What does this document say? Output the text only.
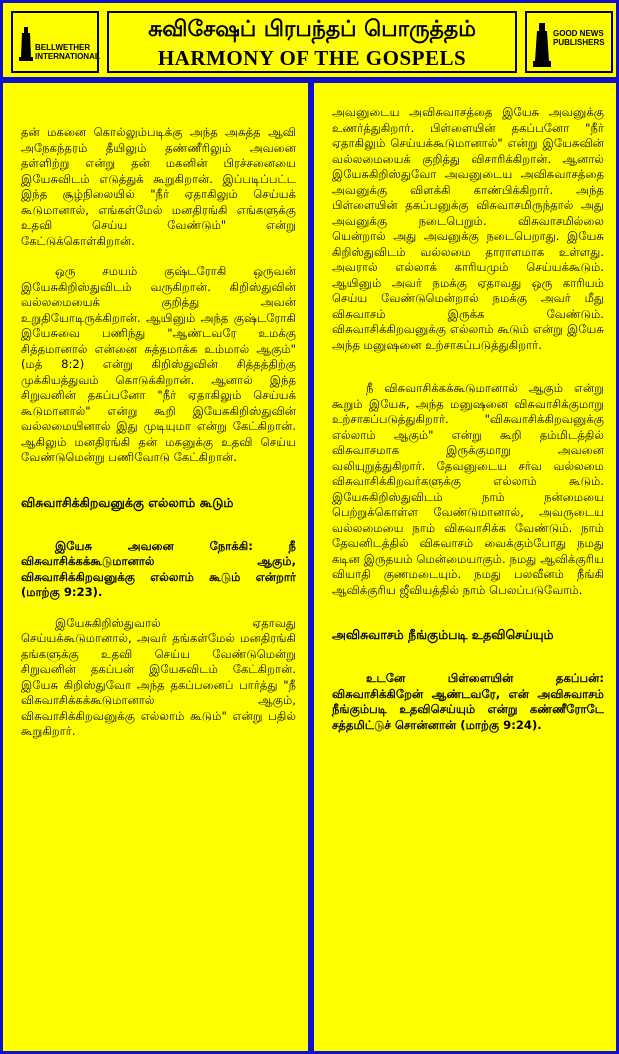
BELLWETHER
INTERNATIONAL
சுவிசேஷப் பிரபந்தப் பொருத்தம்
HARMONY OF THE GOSPELS
GOOD NEWS
PUBLISHERS

தன் மகனை கொல்லும்படிக்கு அந்த அசுத்த ஆவி அநேகந்தரம் தீயிலும் தண்ணீரிலும் அவனை தள்ளிற்று என்று தன் மகனின் பிரச்சனையை இயேசுவிடம் எடுத்துக் கூறுகிறான். இப்படிப்பட்ட இந்த சூழ்நிலையில் "நீர் ஏதாகிலும் செய்யக் கூடுமானால், எங்கள்மேல் மனதிரங்கி எங்களுக்கு உதவி செய்ய வேண்டும்" என்று கேட்டுக்கொள்கிறான்.

ஒரு சமயம் குஷ்டரோகி ஒருவன் இயேசுகிறிஸ்துவிடம் வருகிறான். கிறிஸ்துவின் வல்லமையைக் குறித்து அவன் உறுதியோடிருக்கிறான். ஆயினும் அந்த குஷ்டரோகி இயேசுவை பணிந்து "ஆண்டவரே உமக்கு சித்தமானால் என்னை சுத்தமாக்க உம்மால் ஆகும்" (மத் 8:2) என்று கிறிஸ்துவின் சித்தத்திற்கு முக்கியத்துவம் கொடுக்கிறான். ஆனால் இந்த சிறுவனின் தகப்பனோ "நீர் ஏதாகிலும் செய்யக் கூடுமானால்" என்று கூறி இயேசுகிறிஸ்துவின் வல்லமையினால் இது முடியுமா என்று கேட்கிறான். ஆகிலும் மனதிரங்கி தன் மகனுக்கு உதவி செய்ய வேண்டுமென்று பணிவோடு கேட்கிறான்.

விசுவாசிக்கிறவனுக்கு எல்லாம் கூடும்

இயேசு அவனை நோக்கி: நீ விசுவாசிக்கக்கூடுமானால் ஆகும், விசுவாசிக்கிறவனுக்கு எல்லாம் கூடும் என்றார் (மாற்கு 9:23).

இயேசுகிறிஸ்துவால் ஏதாவது செய்யக்கூடுமானால், அவர் தங்கள்மேல் மனதிரங்கி தங்களுக்கு உதவி செய்ய வேண்டுமென்று சிறுவனின் தகப்பன் இயேசுவிடம் கேட்கிறான். இயேசு கிறிஸ்துவோ அந்த தகப்பனைப் பார்த்து "நீ விசுவாசிக்கக்கூடுமானால் ஆகும், விசுவாசிக்கிறவனுக்கு எல்லாம் கூடும்" என்று பதில் கூறுகிறார்.

அவனுடைய அவிசுவாசத்தை இயேசு அவனுக்கு உணர்த்துகிறார். பிள்ளையின் தகப்பனோ "நீர் ஏதாகிலும் செய்யக்கூடுமானால்" என்று இயேசுவின் வல்லமையைக் குறித்து விசாரிக்கிறான். ஆனால் இயேசுகிறிஸ்துவோ அவனுடைய அவிசுவாசத்தை அவனுக்கு விளக்கி காண்பிக்கிறார். அந்த பிள்ளையின் தகப்பனுக்கு விசுவாசமிருந்தால் அது அவனுக்கு நடைபெறும். விசுவாசமில்லை யென்றால் அது அவனுக்கு நடைபெறாது. இயேசு கிறிஸ்துவிடம் வல்லமை தாராளமாக உள்ளது. அவரால் எல்லாக் காரியமும் செய்யக்கூடும். ஆயினும் அவர் நமக்கு ஏதாவது ஒரு காரியம் செய்ய வேண்டுமென்றால் நமக்கு அவர் மீது விசுவாசம் இருக்க வேண்டும். விசுவாசிக்கிறவனுக்கு எல்லாம் கூடும் என்று இயேசு அந்த மனுஷனை உற்சாகப்படுத்துகிறார்.

நீ விசுவாசிக்கக்கூடுமானால் ஆகும் என்று கூறும் இயேசு, அந்த மனுஷனை விசுவாசிக்குமாறு உற்சாகப்படுத்துகிறார். "விசுவாசிக்கிறவனுக்கு எல்லாம் ஆகும்" என்று கூறி தம்மிடத்தில் விசுவாசமாக இருக்குமாறு அவனை வலியுறுத்துகிறார். தேவனுடைய சர்வ வல்லமை விசுவாசிக்கிறவர்களுக்கு எல்லாம் கூடும். இயேசுகிறிஸ்துவிடம் நாம் நன்மையை பெற்றுக்கொள்ள வேண்டுமானால், அவருடைய வல்லமையை நாம் விசுவாசிக்க வேண்டும். நாம் தேவனிடத்தில் விசுவாசம் வைக்கும்போது நமது கடின இருதயம் மென்மையாகும். நமது ஆவிக்குரிய வியாதி குணமடையும். நமது பலவீனம் நீங்கி ஆவிக்குரிய ஜீவியத்தில் நாம் பெலப்படுவோம்.

அவிசுவாசம் நீங்கும்படி உதவிசெய்யும்

உடனே பிள்ளையின் தகப்பன்: விசுவாசிக்கிறேன் ஆண்டவரே, என் அவிசுவாசம் நீங்கும்படி உதவிசெய்யும் என்று கண்ணீரோடே சத்தமிட்டுச் சொன்னான் (மாற்கு 9:24).
